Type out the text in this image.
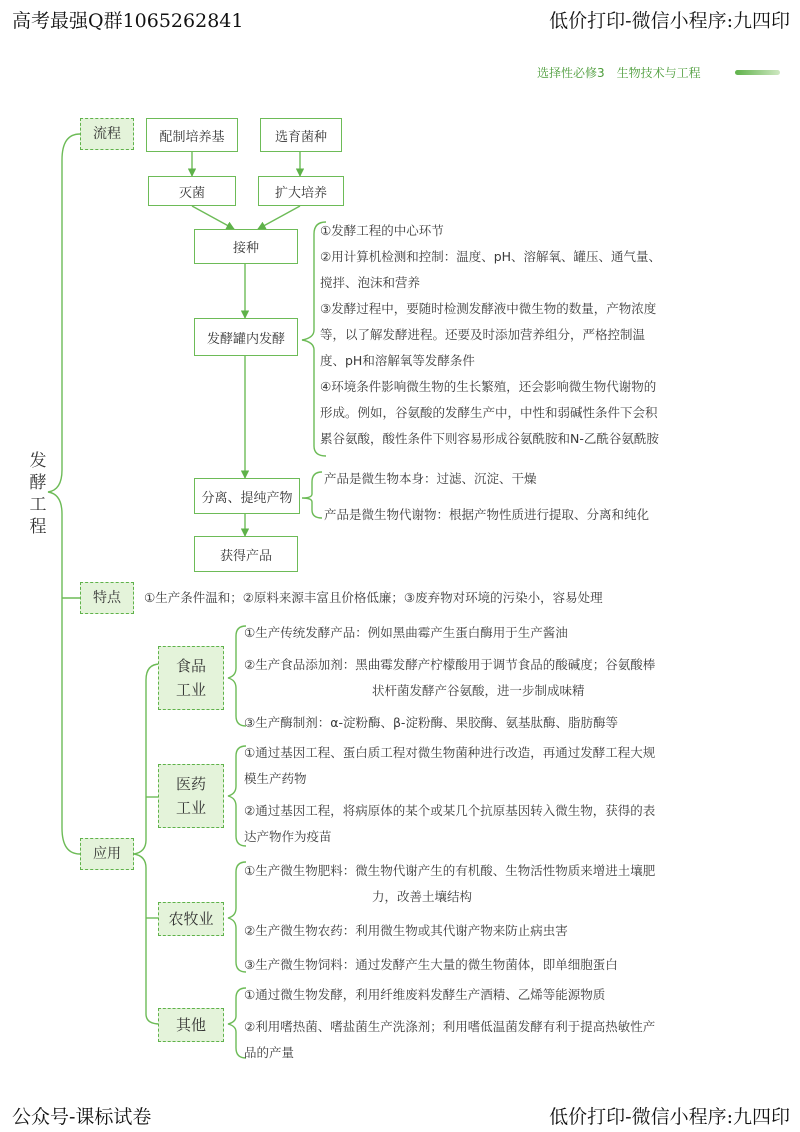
高考最强Q群1065262841	低价打印-微信小程序:九四印
选择性必修3　生物技术与工程
公众号-课标试卷	低价打印-微信小程序:九四印
发
酵
工
程
流程
特点
应用
配制培养基	选育菌种
灭菌	扩大培养
接种
发酵罐内发酵
分离、提纯产物
获得产品
①发酵工程的中心环节
②用计算机检测和控制：温度、pH、溶解氧、罐压、通气量、
搅拌、泡沫和营养
③发酵过程中，要随时检测发酵液中微生物的数量，产物浓度
等，以了解发酵进程。还要及时添加营养组分，严格控制温
度、pH和溶解氧等发酵条件
④环境条件影响微生物的生长繁殖，还会影响微生物代谢物的
形成。例如，谷氨酸的发酵生产中，中性和弱碱性条件下会积
累谷氨酸，酸性条件下则容易形成谷氨酰胺和N-乙酰谷氨酰胺
产品是微生物本身：过滤、沉淀、干燥
产品是微生物代谢物：根据产物性质进行提取、分离和纯化
①生产条件温和；②原料来源丰富且价格低廉；③废弃物对环境的污染小，容易处理
食品
工业
医药
工业
农牧业
其他
①生产传统发酵产品：例如黑曲霉产生蛋白酶用于生产酱油
②生产食品添加剂：黑曲霉发酵产柠檬酸用于调节食品的酸碱度；谷氨酸棒
状杆菌发酵产谷氨酸，进一步制成味精
③生产酶制剂：α-淀粉酶、β-淀粉酶、果胶酶、氨基肽酶、脂肪酶等
①通过基因工程、蛋白质工程对微生物菌种进行改造，再通过发酵工程大规
模生产药物
②通过基因工程，将病原体的某个或某几个抗原基因转入微生物，获得的表
达产物作为疫苗
①生产微生物肥料：微生物代谢产生的有机酸、生物活性物质来增进土壤肥
力，改善土壤结构
②生产微生物农药：利用微生物或其代谢产物来防止病虫害
③生产微生物饲料：通过发酵产生大量的微生物菌体，即单细胞蛋白
①通过微生物发酵，利用纤维废料发酵生产酒精、乙烯等能源物质
②利用嗜热菌、嗜盐菌生产洗涤剂；利用嗜低温菌发酵有利于提高热敏性产
品的产量
